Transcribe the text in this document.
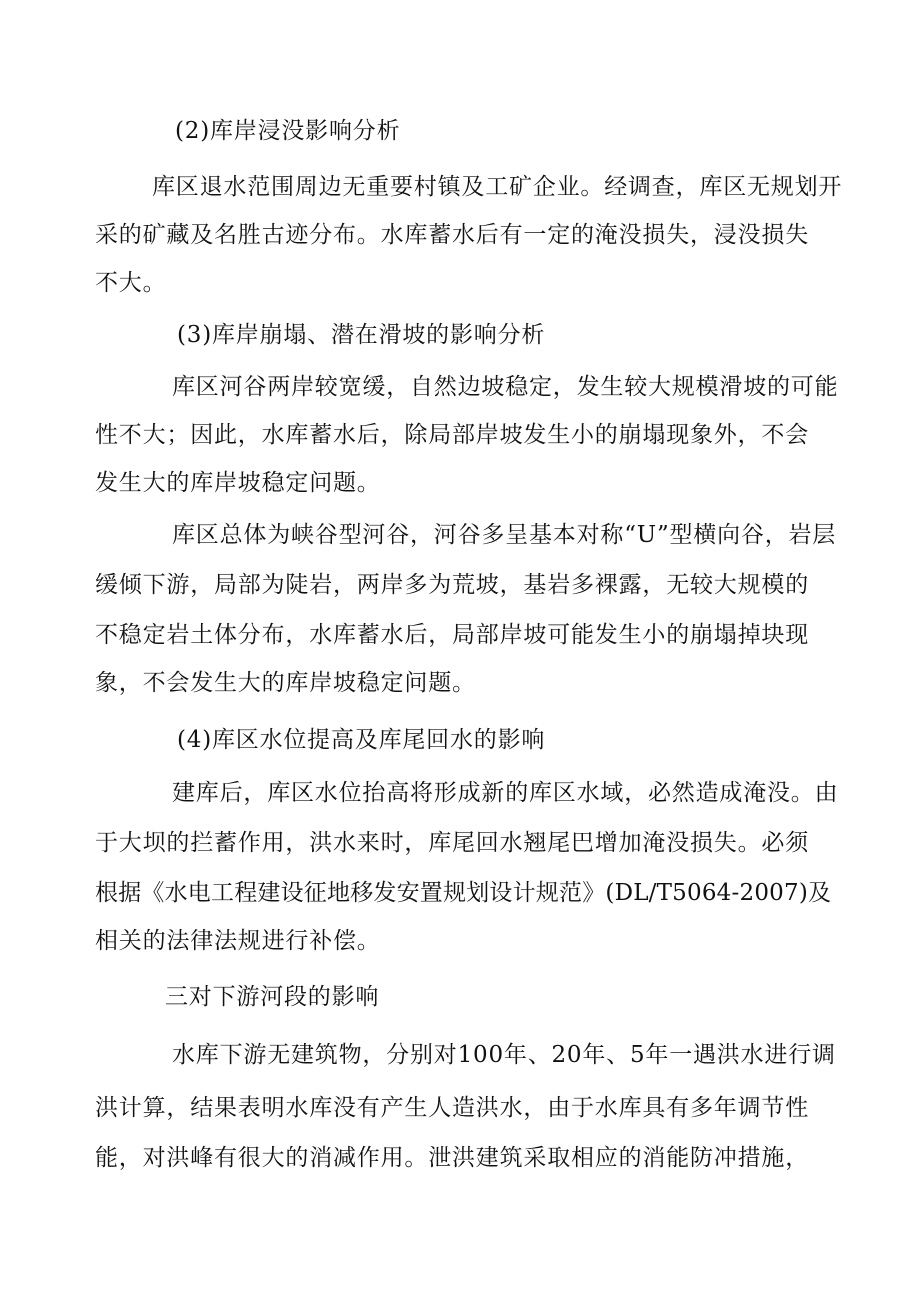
(2)库岸浸没影响分析
库区退水范围周边无重要村镇及工矿企业。经调查，库区无规划开
采的矿藏及名胜古迹分布。水库蓄水后有一定的淹没损失，浸没损失
不大。
(3)库岸崩塌、潜在滑坡的影响分析
库区河谷两岸较宽缓，自然边坡稳定，发生较大规模滑坡的可能
性不大；因此，水库蓄水后，除局部岸坡发生小的崩塌现象外，不会
发生大的库岸坡稳定问题。
库区总体为峡谷型河谷，河谷多呈基本对称“U”型横向谷，岩层
缓倾下游，局部为陡岩，两岸多为荒坡，基岩多裸露，无较大规模的
不稳定岩土体分布，水库蓄水后，局部岸坡可能发生小的崩塌掉块现
象，不会发生大的库岸坡稳定问题。
(4)库区水位提高及库尾回水的影响
建库后，库区水位抬高将形成新的库区水域，必然造成淹没。由
于大坝的拦蓄作用，洪水来时，库尾回水翘尾巴增加淹没损失。必须
根据《水电工程建设征地移发安置规划设计规范》(DL/T5064-2007)及
相关的法律法规进行补偿。
三对下游河段的影响
水库下游无建筑物，分别对100年、20年、5年一遇洪水进行调
洪计算，结果表明水库没有产生人造洪水，由于水库具有多年调节性
能，对洪峰有很大的消减作用。泄洪建筑采取相应的消能防冲措施，
